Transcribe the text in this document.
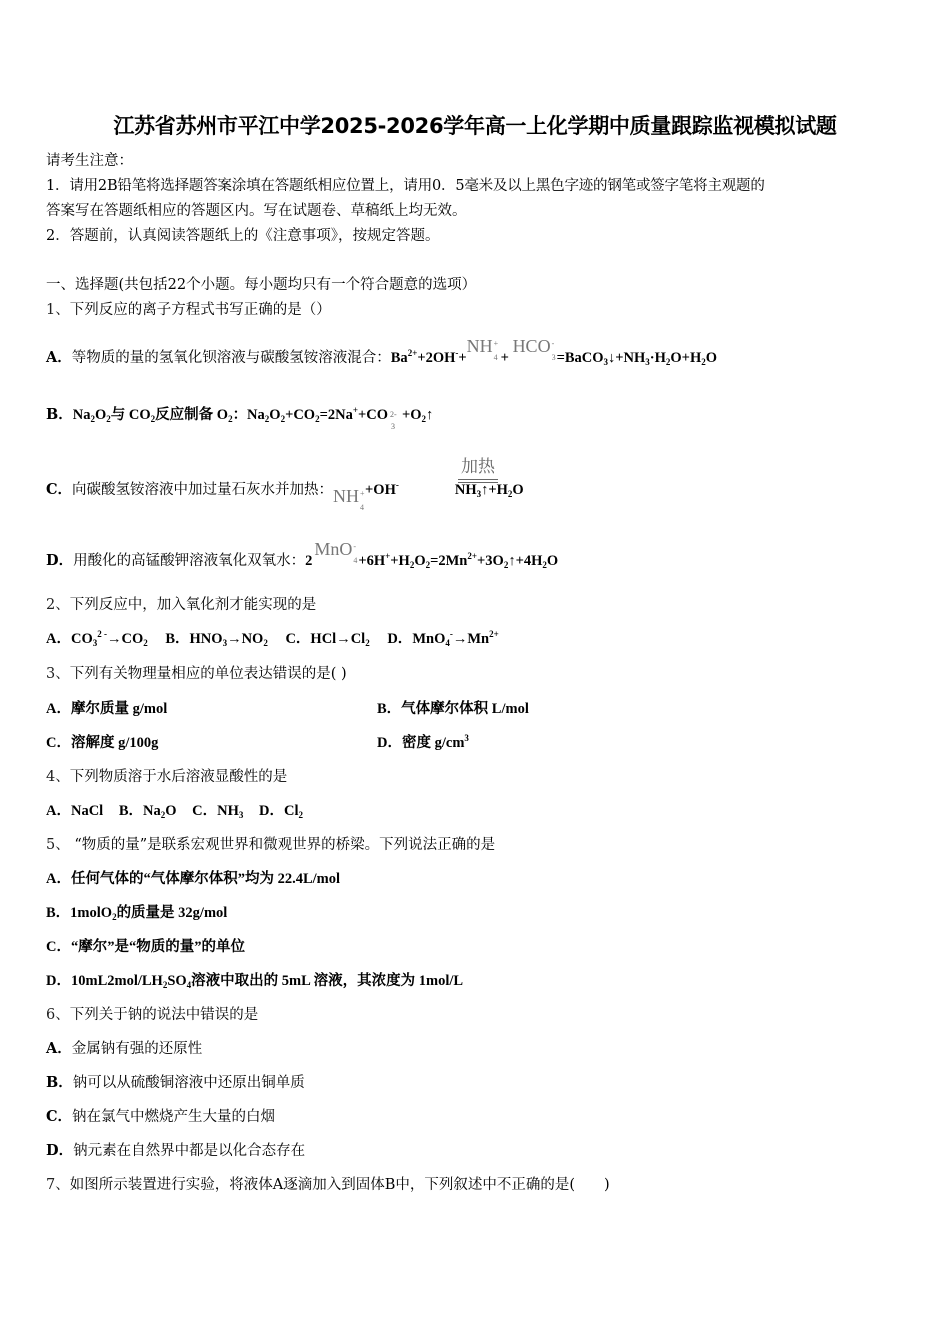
江苏省苏州市平江中学2025-2026学年高一上化学期中质量跟踪监视模拟试题
请考生注意：
1．请用2B铅笔将选择题答案涂填在答题纸相应位置上，请用0．5毫米及以上黑色字迹的钢笔或签字笔将主观题的
答案写在答题纸相应的答题区内。写在试题卷、草稿纸上均无效。
2．答题前，认真阅读答题纸上的《注意事项》，按规定答题。
一、选择题(共包括22个小题。每小题均只有一个符合题意的选项）
1、下列反应的离子方程式书写正确的是（）
A．等物质的量的氢氧化钡溶液与碳酸氢铵溶液混合：$Ba^{2+}+2OH^-+NH$ +
4 + HCO -
$3 =BaCO_3↓+NH_3\cdot H_2O+H_2O$
B．$Na_2O_2$与 $CO_2$反应制备 $O_2$：$Na_2O_2+CO_2=2Na^++CO$ 2-
3
$+O_2↑$
C．向碳酸氢铵溶液中加过量石灰水并加热：NH +
4
+OH-	$NH_3↑+H_2O$
加热
D．用酸化的高锰酸钾溶液氧化双氧水：2MnO -
$4 +6H^++H_2O_2=2Mn^{2+}+3O_2↑+4H_2O$
2、下列反应中，加入氧化剂才能实现的是
A．$CO_3^{2 -}\to CO_2$ B．$HNO_3\to NO_2$ C．$HCl\to Cl_2$ D．$MnO_4^-\to Mn^{2+}$
3、下列有关物理量相应的单位表达错误的是( )
A．摩尔质量 g/mol	B．气体摩尔体积 L/mol
C．溶解度 g/100g	D．密度 $g/cm^3$
4、下列物质溶于水后溶液显酸性的是
A．NaCl B．$Na_2O$ C．$NH_3$ D．$Cl_2$
5、 “物质的量”是联系宏观世界和微观世界的桥梁。下列说法正确的是
A．任何气体的“气体摩尔体积”均为 22.4L/mol
B．1molO$_2$的质量是 32g/mol
C．“摩尔”是“物质的量”的单位
D．$10mL2mol/LH_2SO_4$溶液中取出的 5mL 溶液，其浓度为 1mol/L
6、下列关于钠的说法中错误的是
A．金属钠有强的还原性
B．钠可以从硫酸铜溶液中还原出铜单质
C．钠在氯气中燃烧产生大量的白烟
D．钠元素在自然界中都是以化合态存在
7、如图所示装置进行实验，将液体A逐滴加入到固体B中，下列叙述中不正确的是(　　)
